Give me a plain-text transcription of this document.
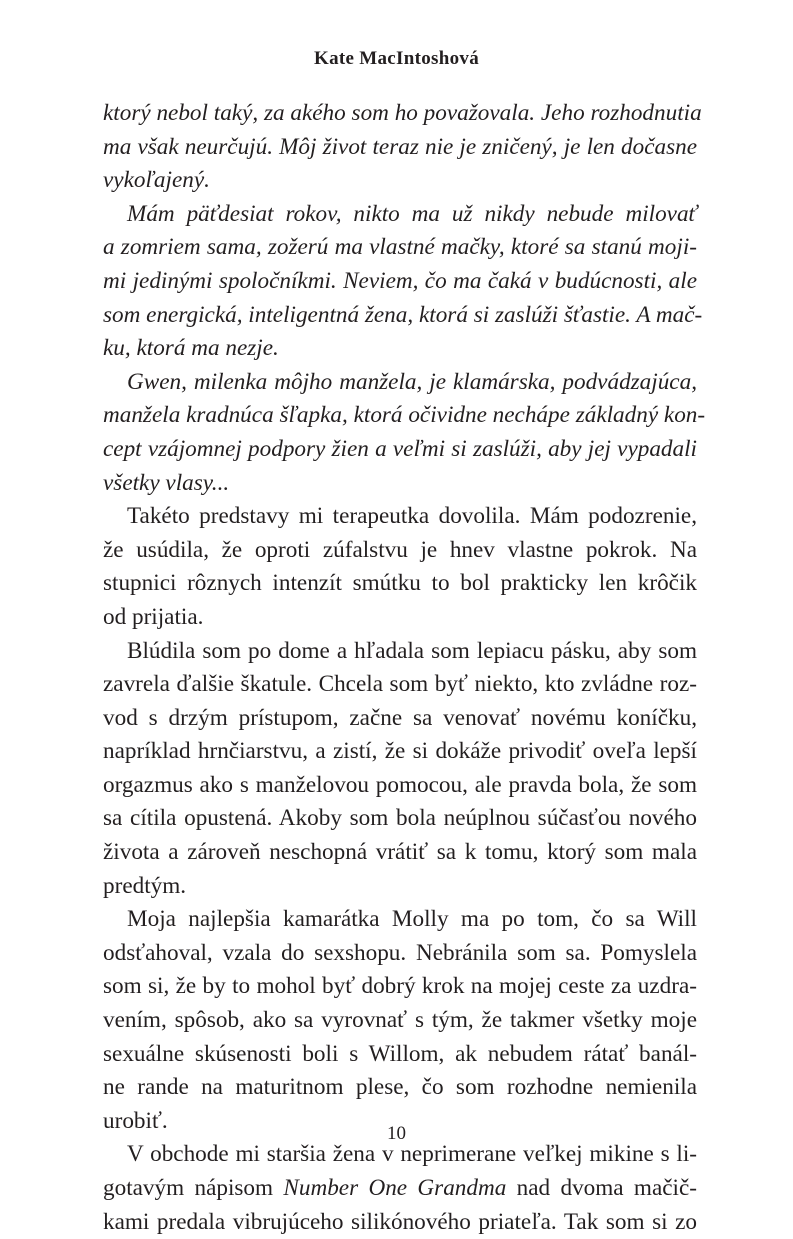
Kate MacIntoshová
ktorý nebol taký, za akého som ho považovala. Jeho rozhodnutia
ma však neurčujú. Môj život teraz nie je zničený, je len dočasne
vykoľajený.
Mám päťdesiat rokov, nikto ma už nikdy nebude milovať
a zomriem sama, zožerú ma vlastné mačky, ktoré sa stanú moji-
mi jedinými spoločníkmi. Neviem, čo ma čaká v budúcnosti, ale
som energická, inteligentná žena, ktorá si zaslúži šťastie. A mač-
ku, ktorá ma nezje.
Gwen, milenka môjho manžela, je klamárska, podvádzajúca,
manžela kradnúca šľapka, ktorá očividne nechápe základný kon-
cept vzájomnej podpory žien a veľmi si zaslúži, aby jej vypadali
všetky vlasy...
Takéto predstavy mi terapeutka dovolila. Mám podozrenie,
že usúdila, že oproti zúfalstvu je hnev vlastne pokrok. Na
stupnici rôznych intenzít smútku to bol prakticky len krôčik
od prijatia.
Blúdila som po dome a hľadala som lepiacu pásku, aby som
zavrela ďalšie škatule. Chcela som byť niekto, kto zvládne roz-
vod s drzým prístupom, začne sa venovať novému koníčku,
napríklad hrnčiarstvu, a zistí, že si dokáže privodiť oveľa lepší
orgazmus ako s manželovou pomocou, ale pravda bola, že som
sa cítila opustená. Akoby som bola neúplnou súčasťou nového
života a zároveň neschopná vrátiť sa k tomu, ktorý som mala
predtým.
Moja najlepšia kamarátka Molly ma po tom, čo sa Will
odsťahoval, vzala do sexshopu. Nebránila som sa. Pomyslela
som si, že by to mohol byť dobrý krok na mojej ceste za uzdra-
vením, spôsob, ako sa vyrovnať s tým, že takmer všetky moje
sexuálne skúsenosti boli s Willom, ak nebudem rátať banál-
ne rande na maturitnom plese, čo som rozhodne nemienila
urobiť.
V obchode mi staršia žena v neprimerane veľkej mikine s li-
gotavým nápisom Number One Grandma nad dvoma mačič-
kami predala vibrujúceho silikónového priateľa. Tak som si zo
10
